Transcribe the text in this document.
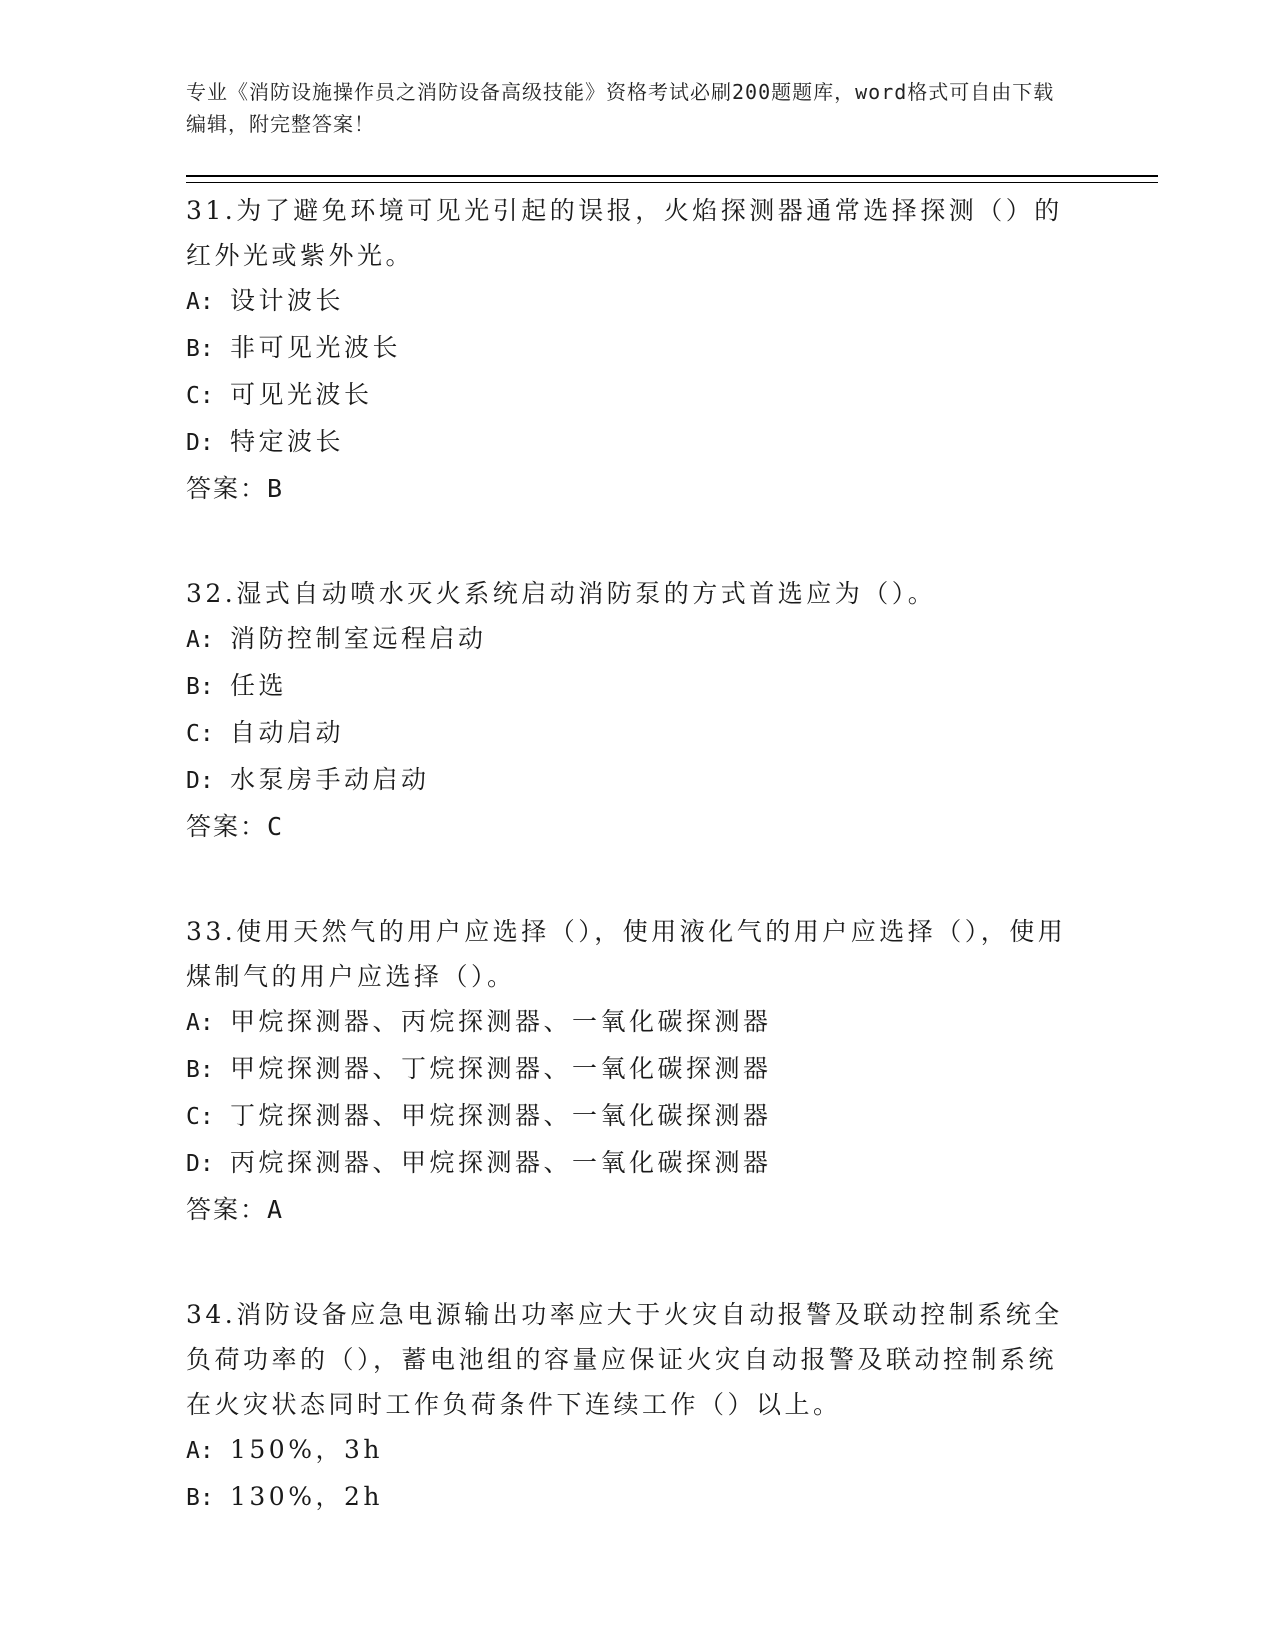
专业《消防设施操作员之消防设备高级技能》资格考试必刷200题题库，word格式可自由下载编辑，附完整答案！

31.为了避免环境可见光引起的误报，火焰探测器通常选择探测（）的红外光或紫外光。

A: 设计波长

B: 非可见光波长

C: 可见光波长

D: 特定波长

答案：B

32.湿式自动喷水灭火系统启动消防泵的方式首选应为（）。

A: 消防控制室远程启动

B: 任选

C: 自动启动

D: 水泵房手动启动

答案：C

33.使用天然气的用户应选择（），使用液化气的用户应选择（），使用煤制气的用户应选择（）。

A: 甲烷探测器、丙烷探测器、一氧化碳探测器

B: 甲烷探测器、丁烷探测器、一氧化碳探测器

C: 丁烷探测器、甲烷探测器、一氧化碳探测器

D: 丙烷探测器、甲烷探测器、一氧化碳探测器

答案：A

34.消防设备应急电源输出功率应大于火灾自动报警及联动控制系统全负荷功率的（），蓄电池组的容量应保证火灾自动报警及联动控制系统在火灾状态同时工作负荷条件下连续工作（）以上。

A: 150%，3h

B: 130%，2h
